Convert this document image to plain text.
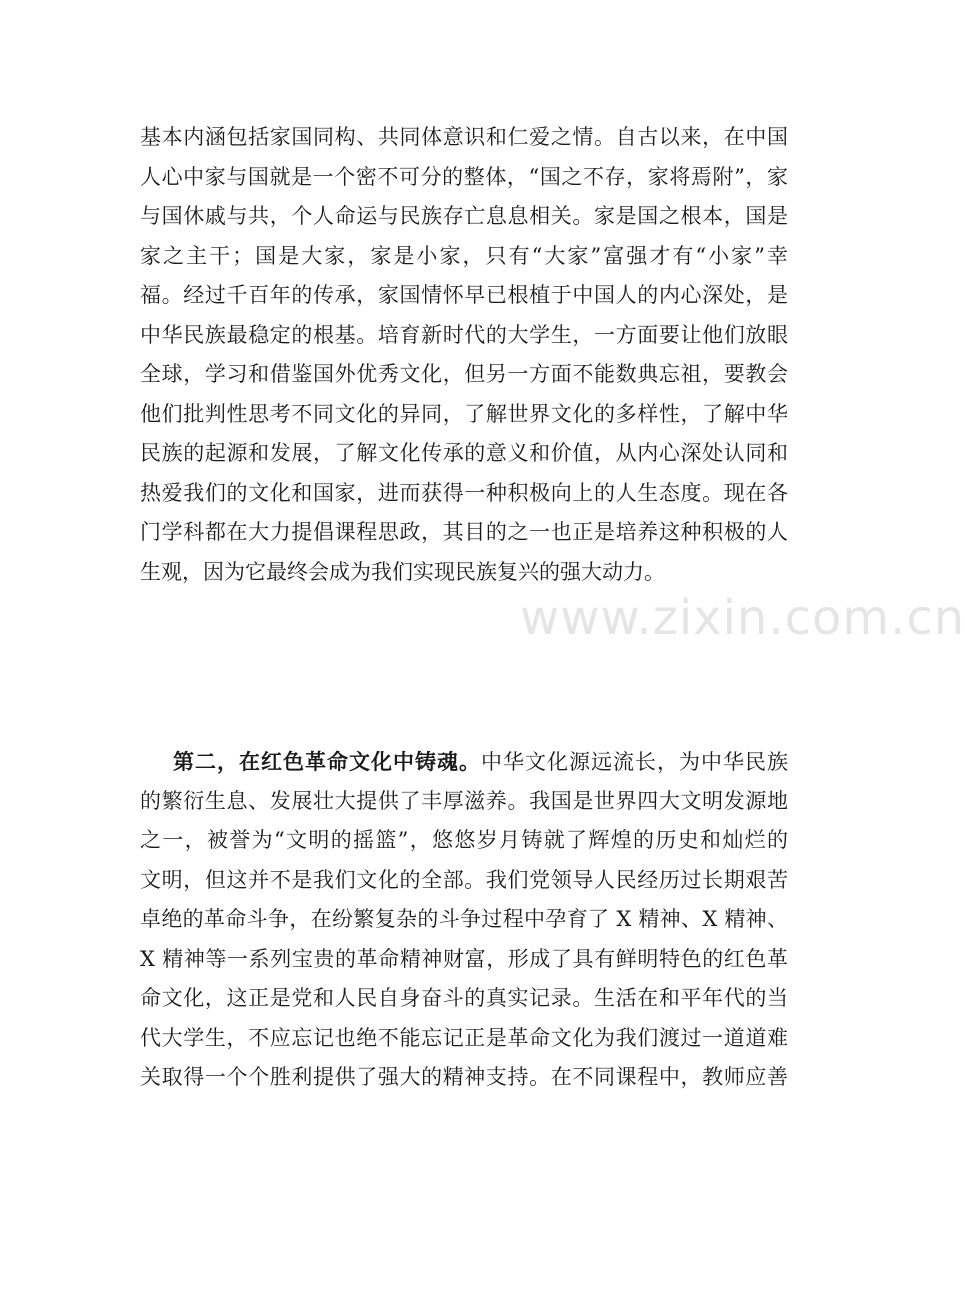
基本内涵包括家国同构、共同体意识和仁爱之情。自古以来，在中国
人心中家与国就是一个密不可分的整体，“国之不存，家将焉附”，家
与国休戚与共，个人命运与民族存亡息息相关。家是国之根本，国是
家之主干；国是大家，家是小家，只有“大家”富强才有“小家”幸
福。经过千百年的传承，家国情怀早已根植于中国人的内心深处，是
中华民族最稳定的根基。培育新时代的大学生，一方面要让他们放眼
全球，学习和借鉴国外优秀文化，但另一方面不能数典忘祖，要教会
他们批判性思考不同文化的异同，了解世界文化的多样性，了解中华
民族的起源和发展，了解文化传承的意义和价值，从内心深处认同和
热爱我们的文化和国家，进而获得一种积极向上的人生态度。现在各
门学科都在大力提倡课程思政，其目的之一也正是培养这种积极的人
生观，因为它最终会成为我们实现民族复兴的强大动力。
第二，在红色革命文化中铸魂。中华文化源远流长，为中华民族
的繁衍生息、发展壮大提供了丰厚滋养。我国是世界四大文明发源地
之一，被誉为“文明的摇篮”，悠悠岁月铸就了辉煌的历史和灿烂的
文明，但这并不是我们文化的全部。我们党领导人民经历过长期艰苦
卓绝的革命斗争，在纷繁复杂的斗争过程中孕育了 X 精神、X 精神、
X 精神等一系列宝贵的革命精神财富，形成了具有鲜明特色的红色革
命文化，这正是党和人民自身奋斗的真实记录。生活在和平年代的当
代大学生，不应忘记也绝不能忘记正是革命文化为我们渡过一道道难
关取得一个个胜利提供了强大的精神支持。在不同课程中，教师应善
www.zixin.com.cn
